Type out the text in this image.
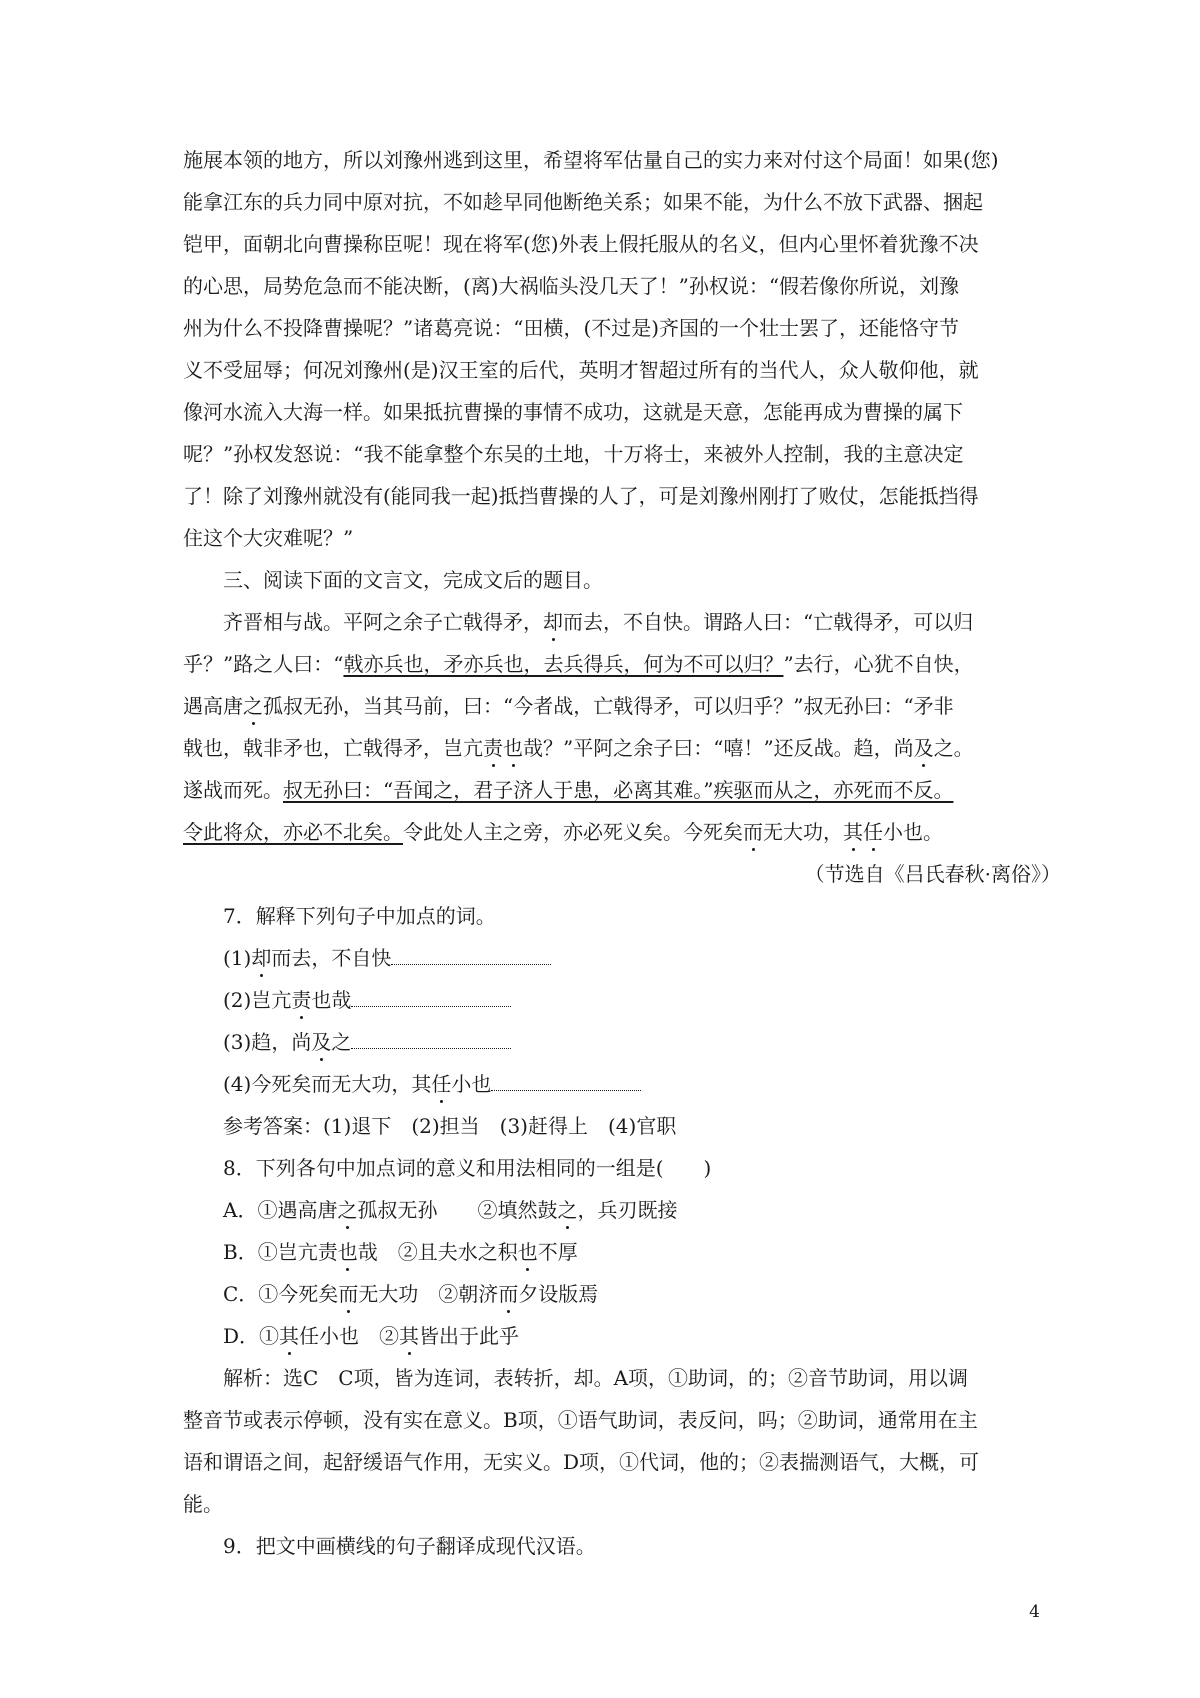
施展本领的地方，所以刘豫州逃到这里，希望将军估量自己的实力来对付这个局面！如果(您)
能拿江东的兵力同中原对抗，不如趁早同他断绝关系；如果不能，为什么不放下武器、捆起
铠甲，面朝北向曹操称臣呢！现在将军(您)外表上假托服从的名义，但内心里怀着犹豫不决
的心思，局势危急而不能决断，(离)大祸临头没几天了！”孙权说：“假若像你所说，刘豫
州为什么不投降曹操呢？”诸葛亮说：“田横，(不过是)齐国的一个壮士罢了，还能恪守节
义不受屈辱；何况刘豫州(是)汉王室的后代，英明才智超过所有的当代人，众人敬仰他，就
像河水流入大海一样。如果抵抗曹操的事情不成功，这就是天意，怎能再成为曹操的属下
呢？”孙权发怒说：“我不能拿整个东吴的土地，十万将士，来被外人控制，我的主意决定
了！除了刘豫州就没有(能同我一起)抵挡曹操的人了，可是刘豫州刚打了败仗，怎能抵挡得
住这个大灾难呢？”
三、阅读下面的文言文，完成文后的题目。
齐晋相与战。平阿之余子亡戟得矛，却而去，不自快。谓路人曰：“亡戟得矛，可以归
乎？”路之人曰：“戟亦兵也，矛亦兵也，去兵得兵，何为不可以归？”去行，心犹不自快，
遇高唐之孤叔无孙，当其马前，曰：“今者战，亡戟得矛，可以归乎？”叔无孙曰：“矛非
戟也，戟非矛也，亡戟得矛，岂亢责也哉？”平阿之余子曰：“嘻！”还反战。趋，尚及之。
遂战而死。叔无孙曰：“吾闻之，君子济人于患，必离其难。”疾驱而从之，亦死而不反。
令此将众，亦必不北矣。令此处人主之旁，亦必死义矣。今死矣而无大功，其任小也。
（节选自《吕氏春秋·离俗》）
7．解释下列句子中加点的词。
(1)却而去，不自快
(2)岂亢责也哉
(3)趋，尚及之
(4)今死矣而无大功，其任小也
参考答案：(1)退下　(2)担当　(3)赶得上　(4)官职
8．下列各句中加点词的意义和用法相同的一组是(　　)
A．①遇高唐之孤叔无孙　　②填然鼓之，兵刃既接
B．①岂亢责也哉　②且夫水之积也不厚
C．①今死矣而无大功　②朝济而夕设版焉
D．①其任小也　②其皆出于此乎
解析：选C　C项，皆为连词，表转折，却。A项，①助词，的；②音节助词，用以调
整音节或表示停顿，没有实在意义。B项，①语气助词，表反问，吗；②助词，通常用在主
语和谓语之间，起舒缓语气作用，无实义。D项，①代词，他的；②表揣测语气，大概，可
能。
9．把文中画横线的句子翻译成现代汉语。
4
